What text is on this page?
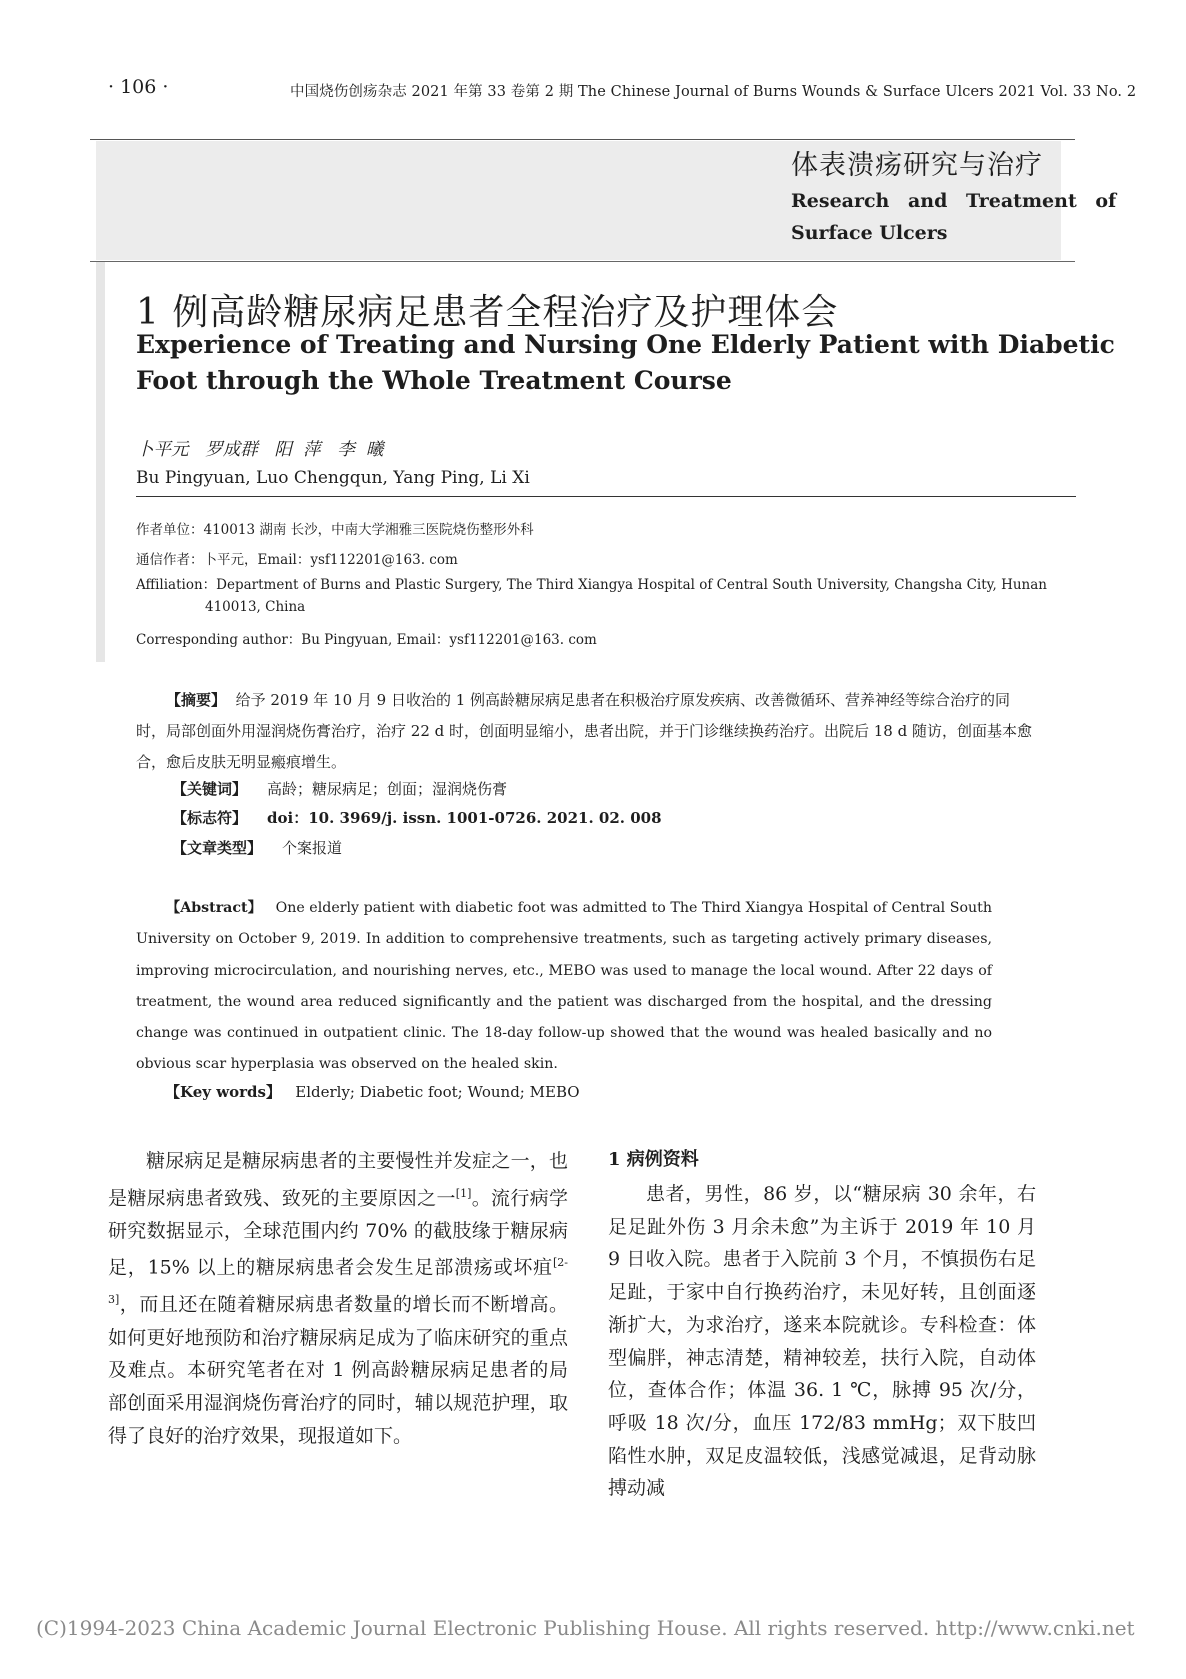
· 106 ·	中国烧伤创疡杂志 2021 年第 33 卷第 2 期 The Chinese Journal of Burns Wounds & Surface Ulcers 2021 Vol. 33 No. 2
体表溃疡研究与治疗
Research and Treatment of
Surface Ulcers
1 例高龄糖尿病足患者全程治疗及护理体会
Experience of Treating and Nursing One Elderly Patient with Diabetic
Foot through the Whole Treatment Course
卜平元   罗成群   阳  萍   李  曦
Bu Pingyuan, Luo Chengqun, Yang Ping, Li Xi
作者单位：410013 湖南 长沙，中南大学湘雅三医院烧伤整形外科
通信作者：卜平元，Email：ysf112201@163. com
Affiliation：Department of Burns and Plastic Surgery, The Third Xiangya Hospital of Central South University, Changsha City, Hunan
410013, China
Corresponding author：Bu Pingyuan, Email：ysf112201@163. com
【摘要】 给予 2019 年 10 月 9 日收治的 1 例高龄糖尿病足患者在积极治疗原发疾病、改善微循环、营养神经等综合治疗的同时，局部创面外用湿润烧伤膏治疗，治疗 22 d 时，创面明显缩小，患者出院，并于门诊继续换药治疗。出院后 18 d 随访，创面基本愈合，愈后皮肤无明显瘢痕增生。
【关键词】 高龄；糖尿病足；创面；湿润烧伤膏
【标志符】 doi：10. 3969/j. issn. 1001-0726. 2021. 02. 008
【文章类型】 个案报道
【Abstract】 One elderly patient with diabetic foot was admitted to The Third Xiangya Hospital of Central South University on October 9, 2019. In addition to comprehensive treatments, such as targeting actively primary diseases, improving microcirculation, and nourishing nerves, etc., MEBO was used to manage the local wound. After 22 days of treatment, the wound area reduced significantly and the patient was discharged from the hospital, and the dressing change was continued in outpatient clinic. The 18-day follow-up showed that the wound was healed basically and no obvious scar hyperplasia was observed on the healed skin.
【Key words】 Elderly; Diabetic foot; Wound; MEBO
糖尿病足是糖尿病患者的主要慢性并发症之一，也是糖尿病患者致残、致死的主要原因之一[1]。流行病学研究数据显示，全球范围内约 70% 的截肢缘于糖尿病足，15% 以上的糖尿病患者会发生足部溃疡或坏疽[2-3]，而且还在随着糖尿病患者数量的增长而不断增高。如何更好地预防和治疗糖尿病足成为了临床研究的重点及难点。本研究笔者在对 1 例高龄糖尿病足患者的局部创面采用湿润烧伤膏治疗的同时，辅以规范护理，取得了良好的治疗效果，现报道如下。
1 病例资料
患者，男性，86 岁，以“糖尿病 30 余年，右足足趾外伤 3 月余未愈”为主诉于 2019 年 10 月 9 日收入院。患者于入院前 3 个月，不慎损伤右足足趾，于家中自行换药治疗，未见好转，且创面逐渐扩大，为求治疗，遂来本院就诊。专科检查：体型偏胖，神志清楚，精神较差，扶行入院，自动体位，查体合作；体温 36. 1 ℃，脉搏 95 次/分，呼吸 18 次/分，血压 172/83 mmHg；双下肢凹陷性水肿，双足皮温较低，浅感觉减退，足背动脉搏动减
(C)1994-2023 China Academic Journal Electronic Publishing House. All rights reserved. http://www.cnki.net
